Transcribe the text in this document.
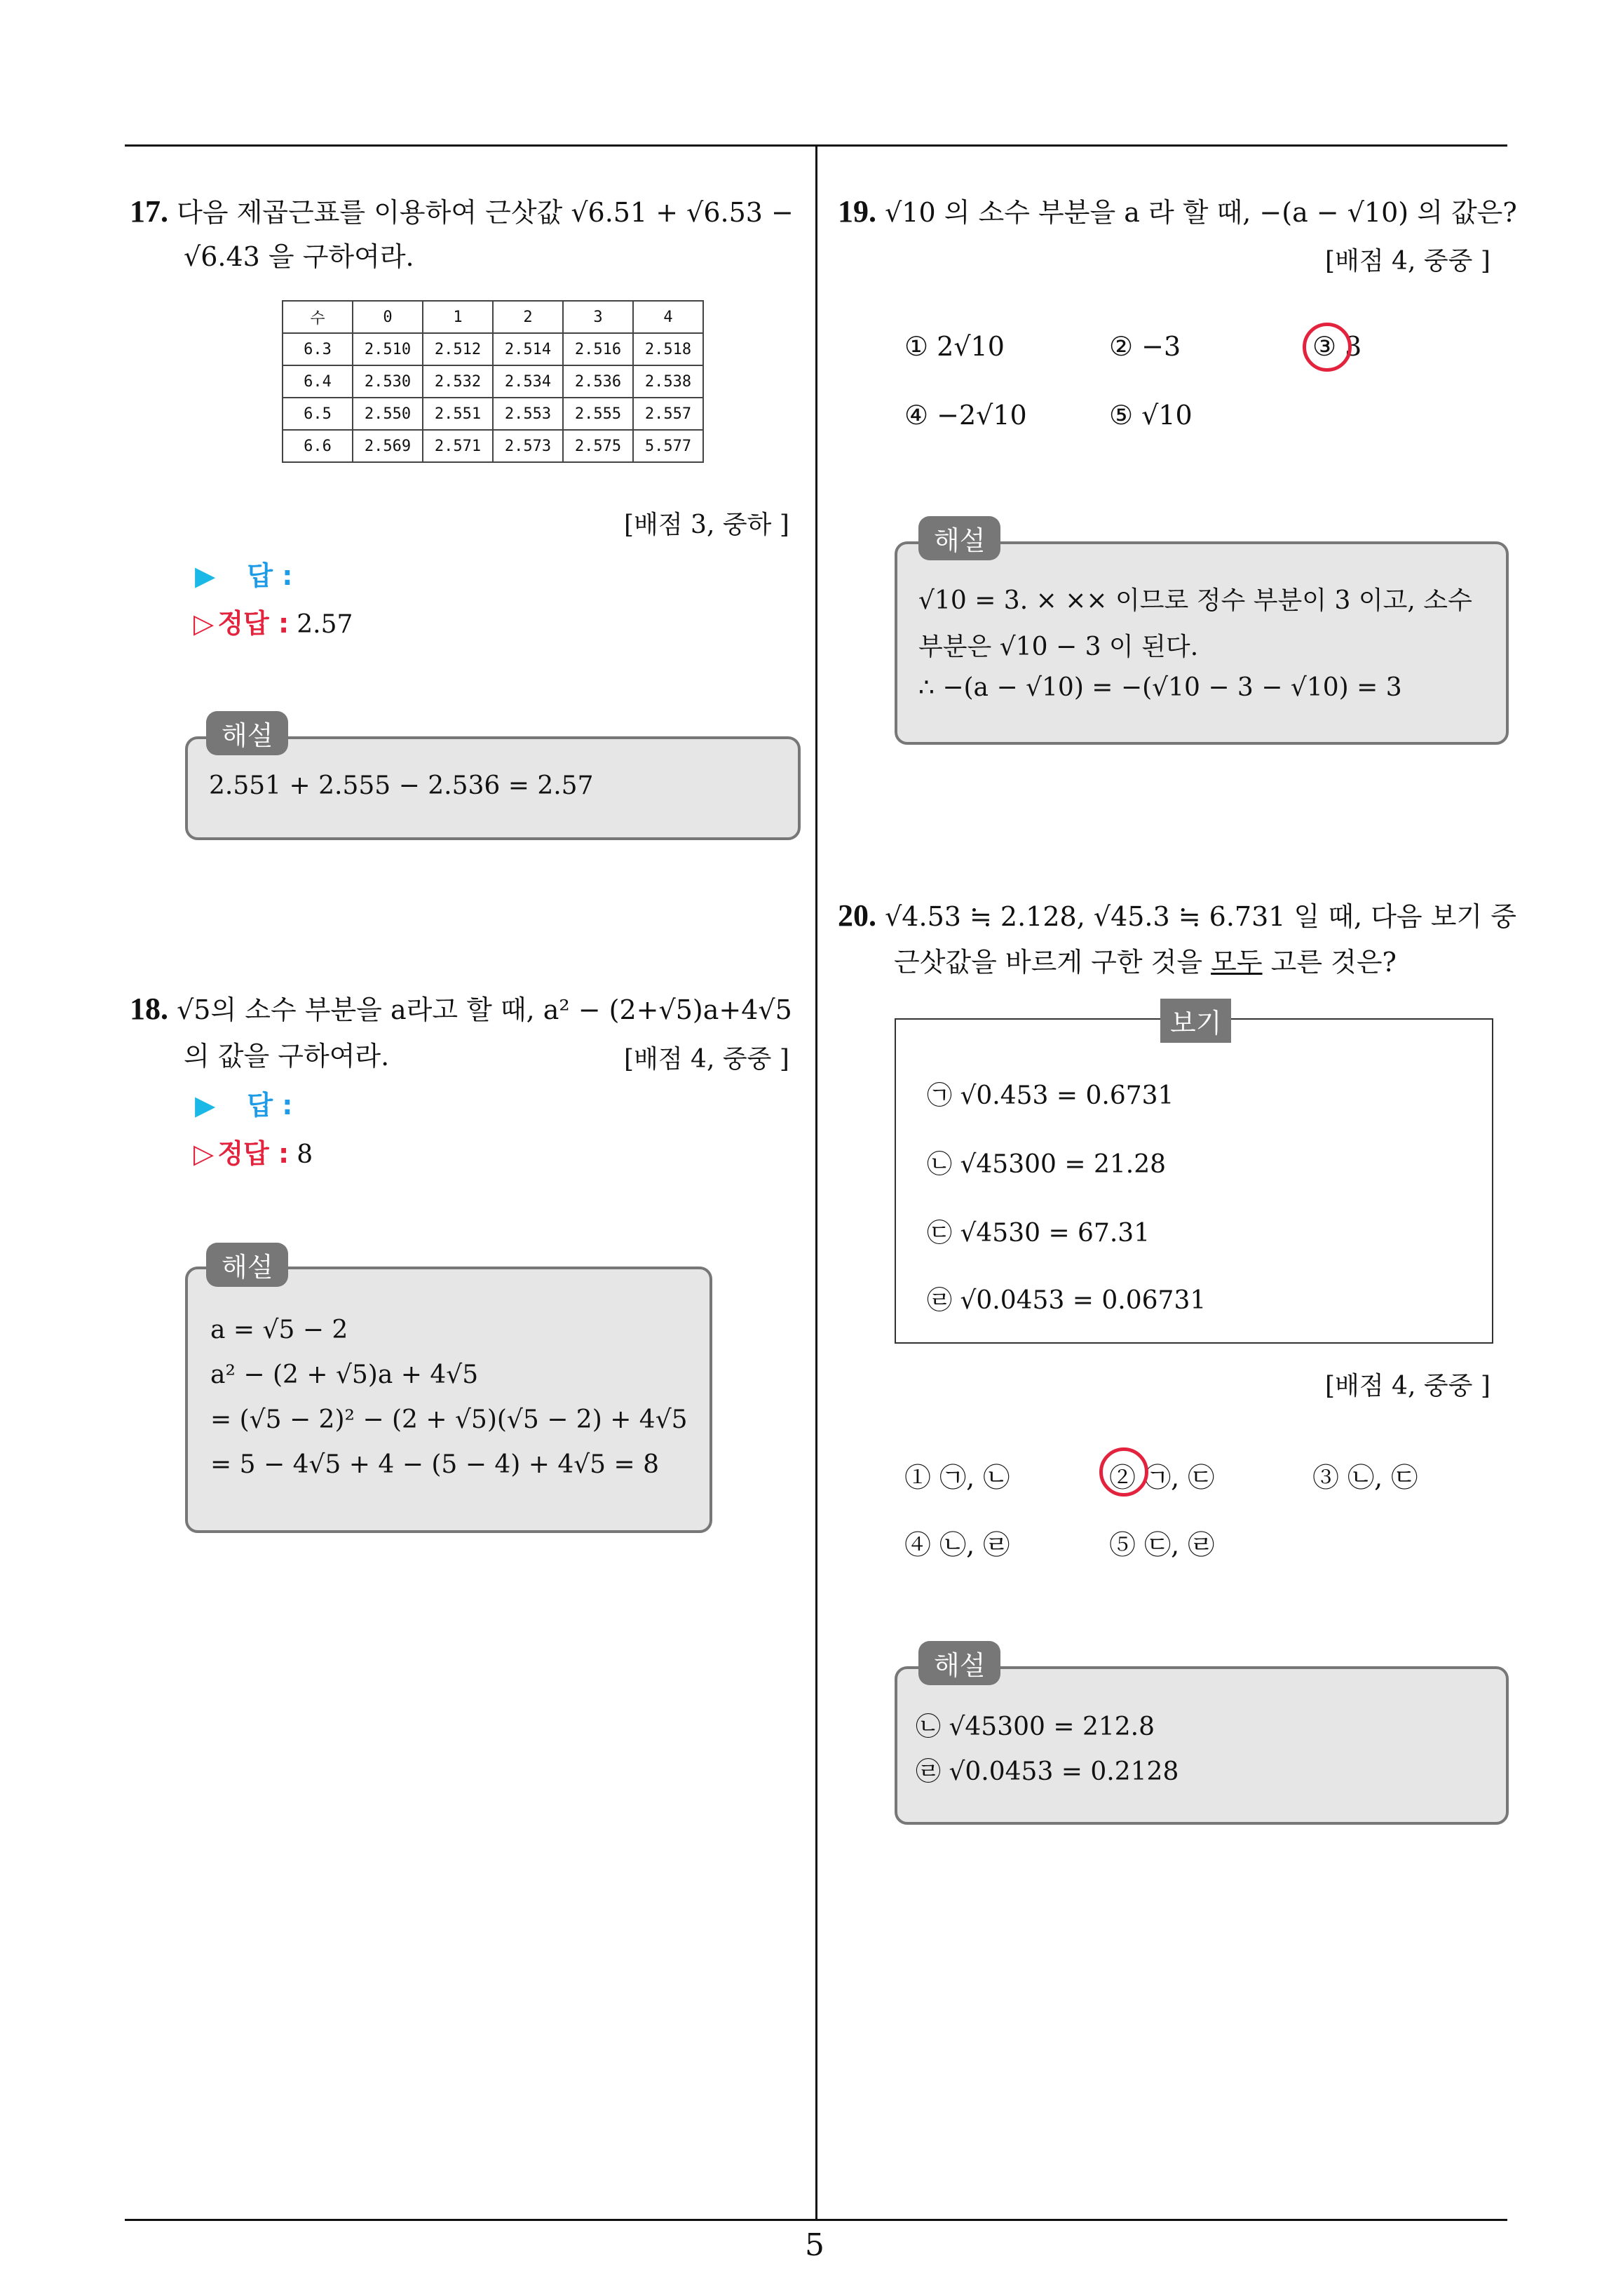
17. 다음 제곱근표를 이용하여 근삿값 √6.51 + √6.53 −
√6.43 을 구하여라.
수	0	1	2	3	4
6.3	2.510	2.512	2.514	2.516	2.518
6.4	2.530	2.532	2.534	2.536	2.538
6.5	2.550	2.551	2.553	2.555	2.557
6.6	2.569	2.571	2.573	2.575	5.577
[배점 3, 중하 ]
▶ 답 :
▷ 정답 : 2.57
해설
2.551 + 2.555 − 2.536 = 2.57
18. √5의 소수 부분을 a라고 할 때, a² − (2+√5)a+4√5
의 값을 구하여라.	[배점 4, 중중 ]
▶ 답 :
▷ 정답 : 8
해설
a = √5 − 2
a² − (2 + √5)a + 4√5
= (√5 − 2)² − (2 + √5)(√5 − 2) + 4√5
= 5 − 4√5 + 4 − (5 − 4) + 4√5 = 8
19. √10 의 소수 부분을 a 라 할 때, −(a − √10) 의 값은?
[배점 4, 중중 ]
① 2√10	② −3	③ 3
④ −2√10	⑤ √10
해설
√10 = 3. × ×× 이므로 정수 부분이 3 이고, 소수
부분은 √10 − 3 이 된다.
∴ −(a − √10) = −(√10 − 3 − √10) = 3
20. √4.53 ≒ 2.128, √45.3 ≒ 6.731 일 때, 다음 보기 중
근삿값을 바르게 구한 것을 모두 고른 것은?
보기
㉠ √0.453 = 0.6731
㉡ √45300 = 21.28
㉢ √4530 = 67.31
㉣ √0.0453 = 0.06731
[배점 4, 중중 ]
① ㉠, ㉡	② ㉠, ㉢	③ ㉡, ㉢
④ ㉡, ㉣	⑤ ㉢, ㉣
해설
㉡ √45300 = 212.8
㉣ √0.0453 = 0.2128
5
